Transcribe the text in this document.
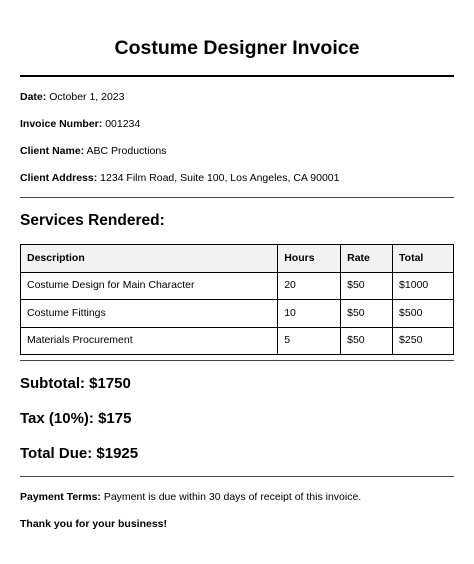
Costume Designer Invoice
Date: October 1, 2023
Invoice Number: 001234
Client Name: ABC Productions
Client Address: 1234 Film Road, Suite 100, Los Angeles, CA 90001
Services Rendered:
Description	Hours	Rate	Total
Costume Design for Main Character	20	$50	$1000
Costume Fittings	10	$50	$500
Materials Procurement	5	$50	$250
Subtotal: $1750
Tax (10%): $175
Total Due: $1925
Payment Terms: Payment is due within 30 days of receipt of this invoice.
Thank you for your business!
